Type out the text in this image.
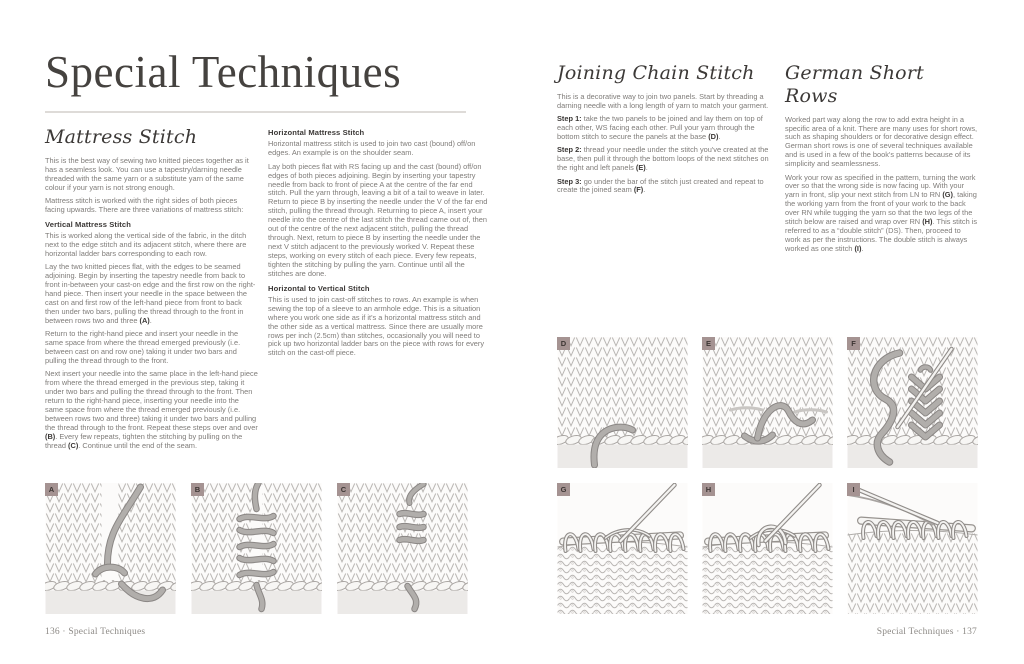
Special Techniques
Mattress Stitch

This is the best way of sewing two knitted pieces together as it has a seamless look. You can use a tapestry/darning needle threaded with the same yarn or a substitute yarn of the same colour if your yarn is not strong enough.

Mattress stitch is worked with the right sides of both pieces facing upwards. There are three variations of mattress stitch:

Vertical Mattress Stitch

This is worked along the vertical side of the fabric, in the ditch next to the edge stitch and its adjacent stitch, where there are horizontal ladder bars corresponding to each row.

Lay the two knitted pieces flat, with the edges to be seamed adjoining. Begin by inserting the tapestry needle from back to front in-between your cast-on edge and the first row on the right-hand piece. Then insert your needle in the space between the cast on and first row of the left-hand piece from front to back then under two bars, pulling the thread through to the front in between rows two and three (A).

Return to the right-hand piece and insert your needle in the same space from where the thread emerged previously (i.e. between cast on and row one) taking it under two bars and pulling the thread through to the front.

Next insert your needle into the same place in the left-hand piece from where the thread emerged in the previous step, taking it under two bars and pulling the thread through to the front. Then return to the right-hand piece, inserting your needle into the same space from where the thread emerged previously (i.e. between rows two and three) taking it under two bars and pulling the thread through to the front. Repeat these steps over and over (B). Every few repeats, tighten the stitching by pulling on the thread (C). Continue until the end of the seam.

Horizontal Mattress Stitch

Horizontal mattress stitch is used to join two cast (bound) off/on edges. An example is on the shoulder seam.

Lay both pieces flat with RS facing up and the cast (bound) off/on edges of both pieces adjoining. Begin by inserting your tapestry needle from back to front of piece A at the centre of the far end stitch. Pull the yarn through, leaving a bit of a tail to weave in later. Return to piece B by inserting the needle under the V of the far end stitch, pulling the thread through. Returning to piece A, insert your needle into the centre of the last stitch the thread came out of, then out of the centre of the next adjacent stitch, pulling the thread through. Next, return to piece B by inserting the needle under the next V stitch adjacent to the previously worked V. Repeat these steps, working on every stitch of each piece. Every few repeats, tighten the stitching by pulling the yarn. Continue until all the stitches are done.

Horizontal to Vertical Stitch

This is used to join cast-off stitches to rows. An example is when sewing the top of a sleeve to an armhole edge. This is a situation where you work one side as if it's a horizontal mattress stitch and the other side as a vertical mattress. Since there are usually more rows per inch (2.5cm) than stitches, occasionally you will need to pick up two horizontal ladder bars on the piece with rows for every stitch on the cast-off piece.

Joining Chain Stitch

This is a decorative way to join two panels. Start by threading a darning needle with a long length of yarn to match your garment.

Step 1: take the two panels to be joined and lay them on top of each other, WS facing each other. Pull your yarn through the bottom stitch to secure the panels at the base (D).

Step 2: thread your needle under the stitch you've created at the base, then pull it through the bottom loops of the next stitches on the right and left panels (E).

Step 3: go under the bar of the stitch just created and repeat to create the joined seam (F).

German Short Rows

Worked part way along the row to add extra height in a specific area of a knit. There are many uses for short rows, such as shaping shoulders or for decorative design effect. German short rows is one of several techniques available and is used in a few of the book's patterns because of its simplicity and seamlessness.

Work your row as specified in the pattern, turning the work over so that the wrong side is now facing up. With your yarn in front, slip your next stitch from LN to RN (G), taking the working yarn from the front of your work to the back over RN while tugging the yarn so that the two legs of the stitch below are raised and wrap over RN (H). This stitch is referred to as a “double stitch” (DS). Then, proceed to work as per the instructions. The double stitch is always worked as one stitch (I).

A	B	C
D	E	F
G	H	I
136 · Special Techniques	Special Techniques · 137
